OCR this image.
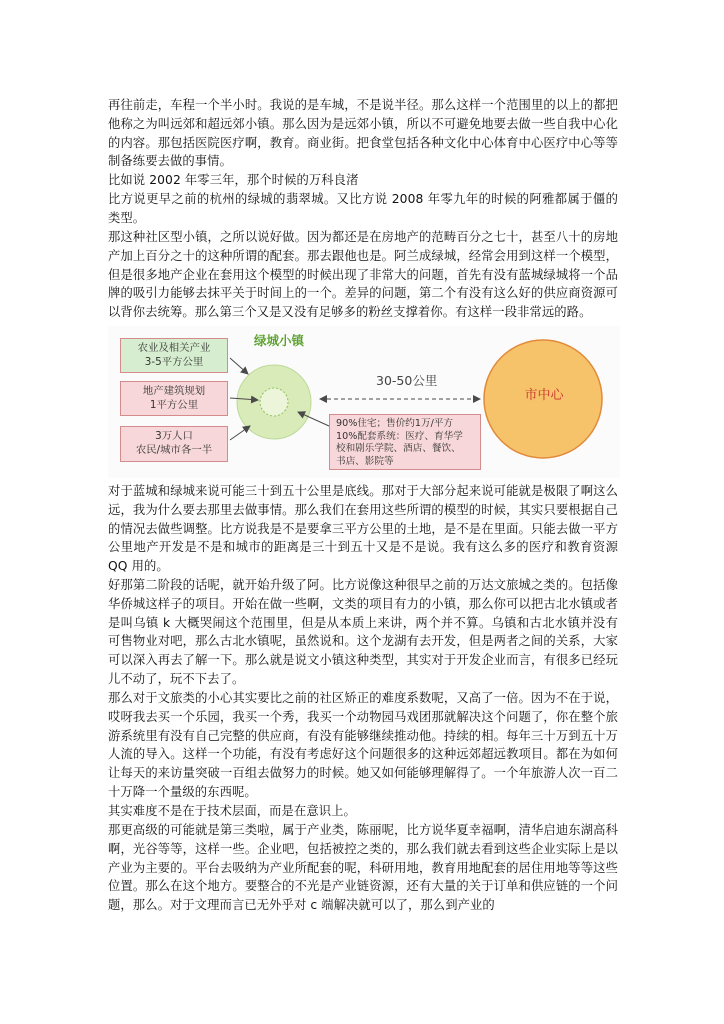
再往前走，车程一个半小时。我说的是车城，不是说半径。那么这样一个范围里的以上的都把他称之为叫远郊和超远郊小镇。那么因为是远郊小镇，所以不可避免地要去做一些自我中心化的内容。那包括医院医疗啊，教育。商业街。把食堂包括各种文化中心体育中心医疗中心等等制备练要去做的事情。

比如说 2002 年零三年，那个时候的万科良渚

比方说更早之前的杭州的绿城的翡翠城。又比方说 2008 年零九年的时候的阿雅都属于僵的类型。

那这种社区型小镇，之所以说好做。因为都还是在房地产的范畴百分之七十，甚至八十的房地产加上百分之十的这种所谓的配套。那去跟他也是。阿兰成绿城，经常会用到这样一个模型，但是很多地产企业在套用这个模型的时候出现了非常大的问题，首先有没有蓝城绿城将一个品牌的吸引力能够去抹平关于时间上的一个。差异的问题，第二个有没有这么好的供应商资源可以背你去统筹。那么第三个又是又没有足够多的粉丝支撑着你。有这样一段非常远的路。

绿城小镇
30-50公里
市中心
农业及相关产业
3-5平方公里
地产建筑规划
1平方公里
3万人口
农民/城市各一半
90%住宅；售价约1万/平方
10%配套系统：医疗、育华学
校和剧乐学院、酒店、餐饮、
书店、影院等

对于蓝城和绿城来说可能三十到五十公里是底线。那对于大部分起来说可能就是极限了啊这么远，我为什么要去那里去做事情。那么我们在套用这些所谓的模型的时候，其实只要根据自己的情况去做些调整。比方说我是不是要拿三平方公里的土地，是不是在里面。只能去做一平方公里地产开发是不是和城市的距离是三十到五十又是不是说。我有这么多的医疗和教育资源 QQ 用的。

好那第二阶段的话呢，就开始升级了阿。比方说像这种很早之前的万达文旅城之类的。包括像华侨城这样子的项目。开始在做一些啊，文类的项目有力的小镇，那么你可以把古北水镇或者是叫乌镇 k 大概哭闹这个范围里，但是从本质上来讲，两个并不算。乌镇和古北水镇并没有可售物业对吧，那么古北水镇呢，虽然说和。这个龙湖有去开发，但是两者之间的关系，大家可以深入再去了解一下。那么就是说文小镇这种类型，其实对于开发企业而言，有很多已经玩儿不动了，玩不下去了。

那么对于文旅类的小心其实要比之前的社区矫正的难度系数呢，又高了一倍。因为不在于说，哎呀我去买一个乐园，我买一个秀，我买一个动物园马戏团那就解决这个问题了，你在整个旅游系统里有没有自己完整的供应商，有没有能够继续推动他。持续的相。每年三十万到五十万人流的导入。这样一个功能，有没有考虑好这个问题很多的这种远郊超远教项目。都在为如何让每天的来访量突破一百组去做努力的时候。她又如何能够理解得了。一个年旅游人次一百二十万降一个量级的东西呢。

其实难度不是在于技术层面，而是在意识上。

那更高级的可能就是第三类啦，属于产业类，陈丽呢，比方说华夏幸福啊，清华启迪东湖高科啊，光谷等等，这样一些。企业吧，包括被控之类的，那么我们就去看到这些企业实际上是以产业为主要的。平台去吸纳为产业所配套的呢，科研用地，教育用地配套的居住用地等等这些位置。那么在这个地方。要整合的不光是产业链资源，还有大量的关于订单和供应链的一个问题，那么。对于文理而言已无外乎对 c 端解决就可以了，那么到产业的
